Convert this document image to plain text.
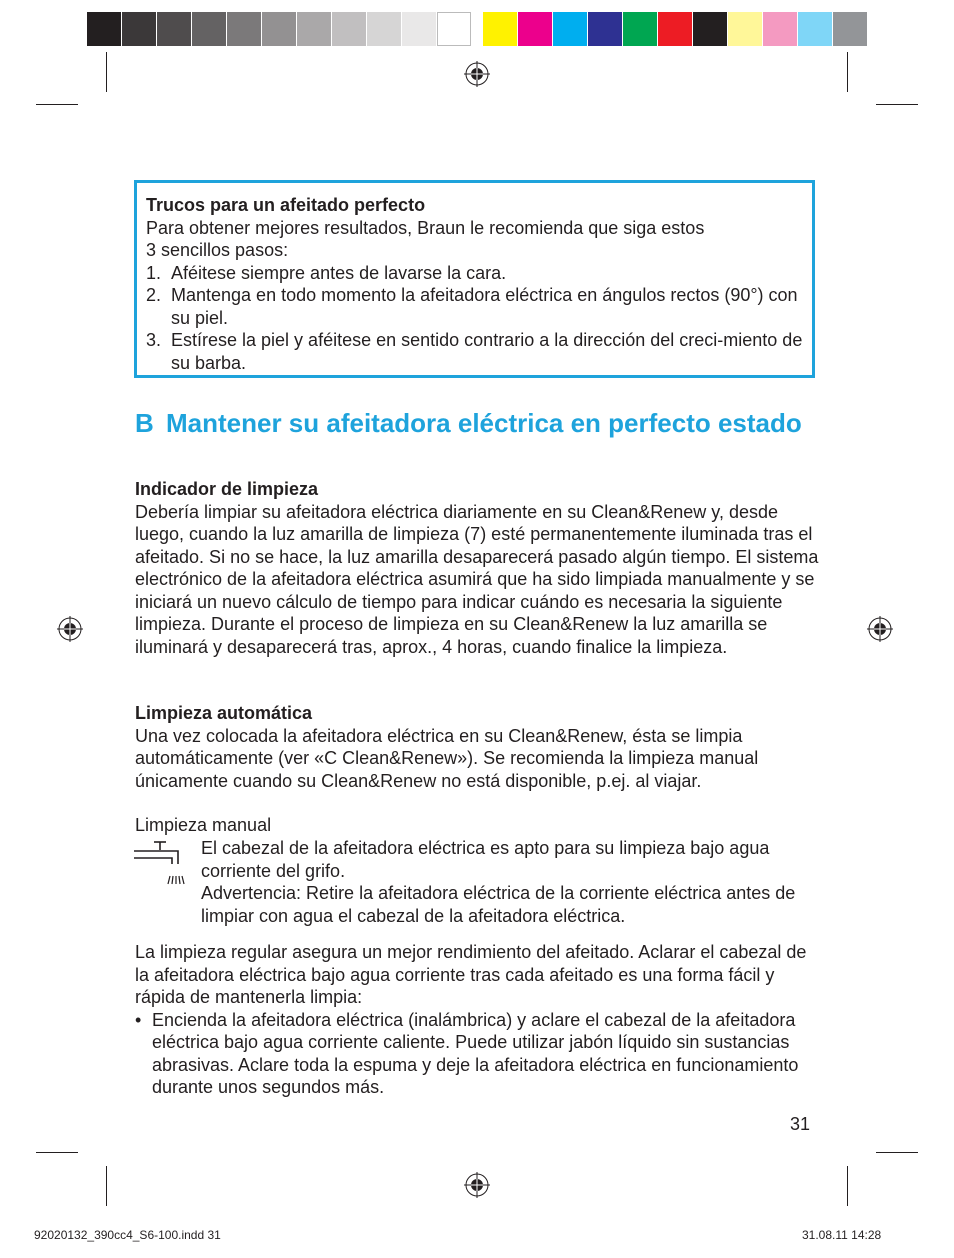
Trucos para un afeitado perfecto
Para obtener mejores resultados, Braun le recomienda que siga estos
3 sencillos pasos:
1. Aféitese siempre antes de lavarse la cara.
2. Mantenga en todo momento la afeitadora eléctrica en ángulos rectos (90°) con su piel.
3. Estírese la piel y aféitese en sentido contrario a la dirección del creci-miento de su barba.
B Mantener su afeitadora eléctrica en perfecto estado
Indicador de limpieza
Debería limpiar su afeitadora eléctrica diariamente en su Clean&Renew y, desde luego, cuando la luz amarilla de limpieza (7) esté permanentemente iluminada tras el afeitado. Si no se hace, la luz amarilla desaparecerá pasado algún tiempo. El sistema electrónico de la afeitadora eléctrica asumirá que ha sido limpiada manualmente y se iniciará un nuevo cálculo de tiempo para indicar cuándo es necesaria la siguiente limpieza. Durante el proceso de limpieza en su Clean&Renew la luz amarilla se iluminará y desaparecerá tras, aprox., 4 horas, cuando finalice la limpieza.
Limpieza automática
Una vez colocada la afeitadora eléctrica en su Clean&Renew, ésta se limpia automáticamente (ver «C Clean&Renew»). Se recomienda la limpieza manual únicamente cuando su Clean&Renew no está disponible, p.ej. al viajar.
Limpieza manual
El cabezal de la afeitadora eléctrica es apto para su limpieza bajo agua corriente del grifo.
Advertencia: Retire la afeitadora eléctrica de la corriente eléctrica antes de limpiar con agua el cabezal de la afeitadora eléctrica.
La limpieza regular asegura un mejor rendimiento del afeitado. Aclarar el cabezal de la afeitadora eléctrica bajo agua corriente tras cada afeitado es una forma fácil y rápida de mantenerla limpia:
• Encienda la afeitadora eléctrica (inalámbrica) y aclare el cabezal de la afeitadora eléctrica bajo agua corriente caliente. Puede utilizar jabón líquido sin sustancias abrasivas. Aclare toda la espuma y deje la afeitadora eléctrica en funcionamiento durante unos segundos más.
31
92020132_390cc4_S6-100.indd 31	31.08.11 14:28
